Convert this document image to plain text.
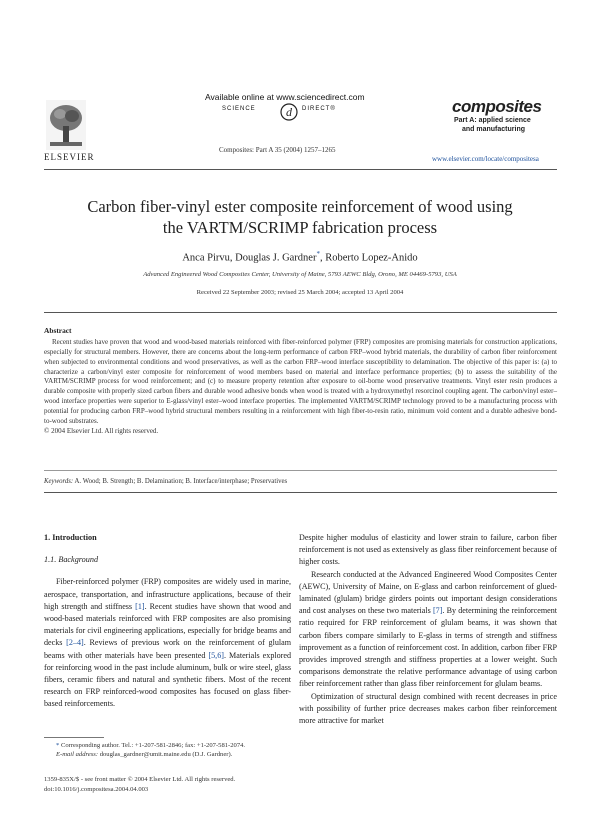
Available online at www.sciencedirect.com
SCIENCE	d DIRECT®
Composites: Part A 35 (2004) 1257–1265
ELSEVIER
composites
Part A: applied science
and manufacturing
www.elsevier.com/locate/compositesa
Carbon fiber-vinyl ester composite reinforcement of wood using
the VARTM/SCRIMP fabrication process
Anca Pirvu, Douglas J. Gardner*, Roberto Lopez-Anido
Advanced Engineered Wood Composites Center, University of Maine, 5793 AEWC Bldg, Orono, ME 04469-5793, USA
Received 22 September 2003; revised 25 March 2004; accepted 13 April 2004
Abstract

Recent studies have proven that wood and wood-based materials reinforced with fiber-reinforced polymer (FRP) composites are promising materials for construction applications, especially for structural members. However, there are concerns about the long-term performance of carbon FRP–wood hybrid materials, the durability of carbon fiber reinforcement when subjected to environmental conditions and wood preservatives, as well as the carbon FRP–wood interface susceptibility to delamination. The objective of this paper is: (a) to characterize a carbon/vinyl ester composite for reinforcement of wood members based on material and interface performance properties; (b) to assess the suitability of the VARTM/SCRIMP process for wood reinforcement; and (c) to measure property retention after exposure to oil-borne wood preservative treatments. Vinyl ester resin produces a durable composite with properly sized carbon fibers and durable wood adhesive bonds when wood is treated with a hydroxymethyl resorcinol coupling agent. The carbon/vinyl ester–wood interface properties were superior to E-glass/vinyl ester–wood interface properties. The implemented VARTM/SCRIMP technology proved to be a manufacturing process with potential for producing carbon FRP–wood hybrid structural members resulting in a reinforcement with high fiber-to-resin ratio, minimum void content and a durable adhesive bond-to-wood substrates.

© 2004 Elsevier Ltd. All rights reserved.
Keywords: A. Wood; B. Strength; B. Delamination; B. Interface/interphase; Preservatives
1. Introduction
1.1. Background

Fiber-reinforced polymer (FRP) composites are widely used in marine, aerospace, transportation, and infrastructure applications, because of their high strength and stiffness [1]. Recent studies have shown that wood and wood-based materials reinforced with FRP composites are also promising materials for civil engineering applications, especially for bridge beams and decks [2–4]. Reviews of previous work on the reinforcement of glulam beams with other materials have been presented [5,6]. Materials explored for reinforcing wood in the past include aluminum, bulk or wire steel, glass fibers, ceramic fibers and natural and synthetic fibers. Most of the recent research on FRP reinforced-wood composites has focused on glass fiber-based reinforcements.

* Corresponding author. Tel.: +1-207-581-2846; fax: +1-207-581-2074.
E-mail address: douglas_gardner@umit.maine.edu (D.J. Gardner).

Despite higher modulus of elasticity and lower strain to failure, carbon fiber reinforcement is not used as extensively as glass fiber reinforcement because of higher costs.

Research conducted at the Advanced Engineered Wood Composites Center (AEWC), University of Maine, on E-glass and carbon reinforcement of glued-laminated (glulam) bridge girders points out important design considerations and cost analyses on these two materials [7]. By determining the reinforcement ratio required for FRP reinforcement of glulam beams, it was shown that carbon fibers compare similarly to E-glass in terms of strength and stiffness improvement as a function of reinforcement cost. In addition, carbon fiber FRP provides improved strength and stiffness properties at a lower weight. Such comparisons demonstrate the relative performance advantage of using carbon fiber reinforcement rather than glass fiber reinforcement for glulam beams.

Optimization of structural design combined with recent decreases in price with possibility of further price decreases makes carbon fiber reinforcement more attractive for market

1359-835X/$ - see front matter © 2004 Elsevier Ltd. All rights reserved.
doi:10.1016/j.compositesa.2004.04.003
